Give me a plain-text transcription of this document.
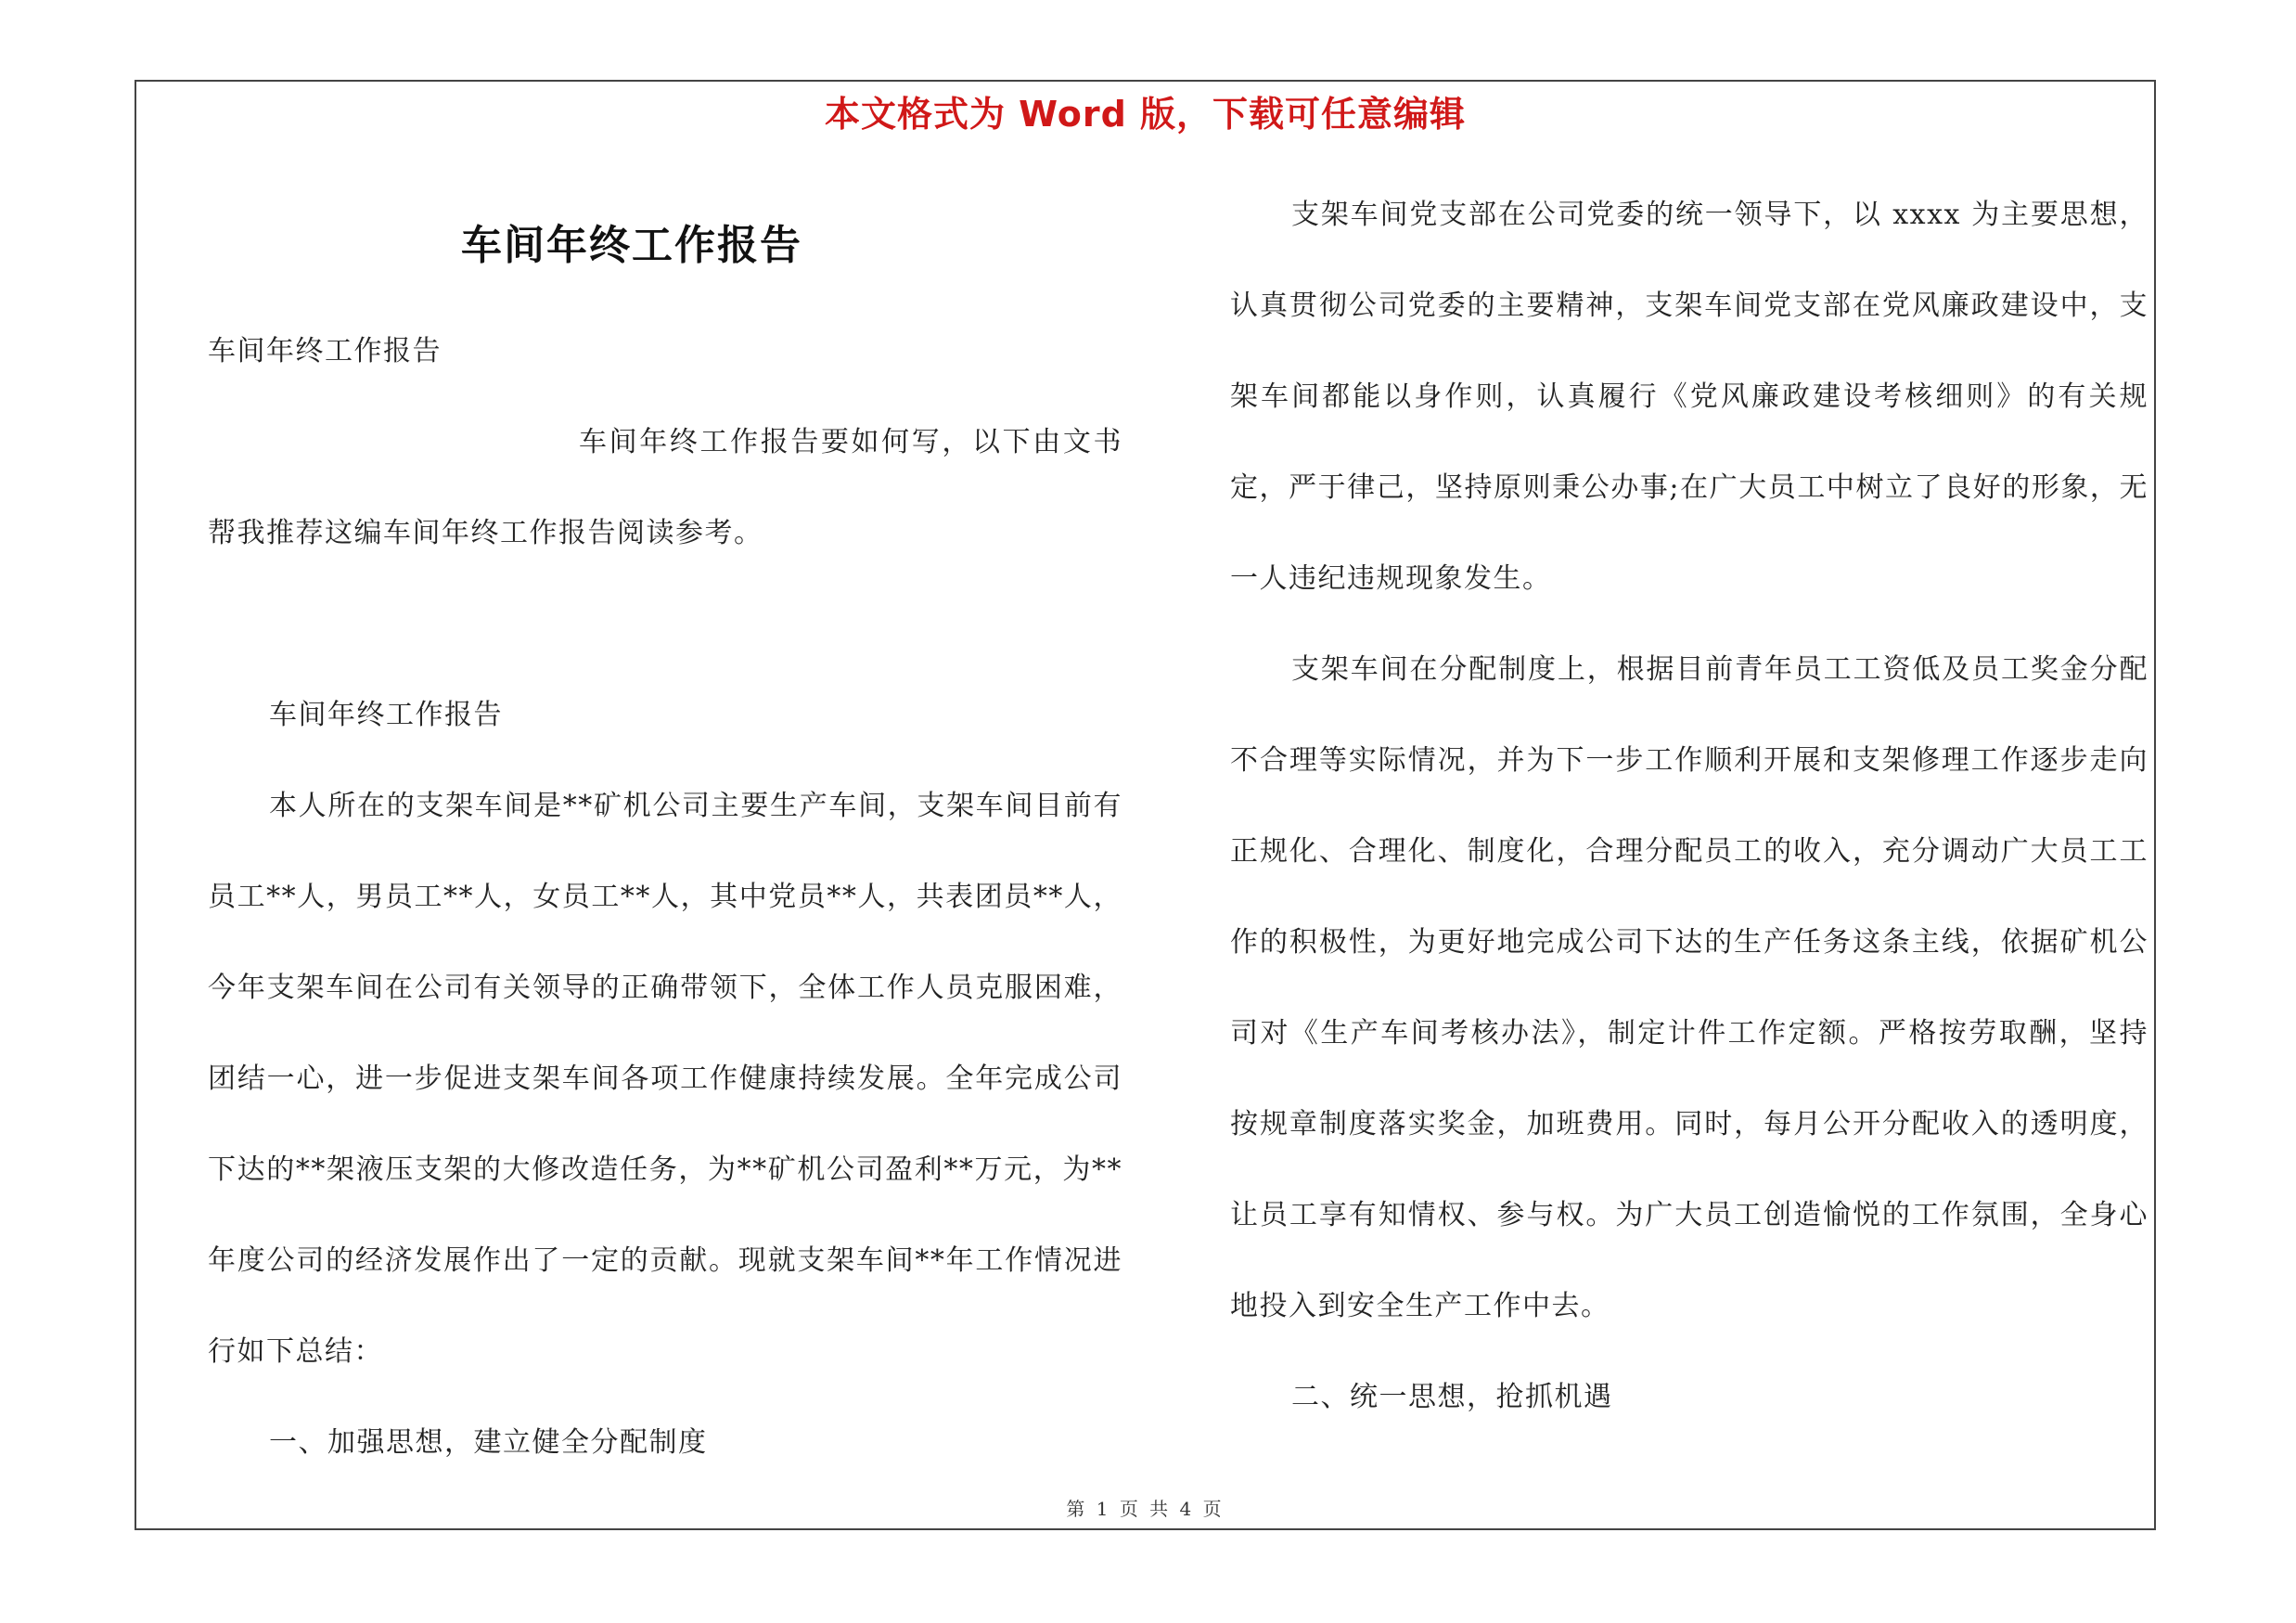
本文格式为 Word 版，下载可任意编辑
车间年终工作报告

车间年终工作报告

车间年终工作报告要如何写，以下由文书帮我推荐这编车间年终工作报告阅读参考。

车间年终工作报告

本人所在的支架车间是**矿机公司主要生产车间，支架车间目前有员工**人，男员工**人，女员工**人，其中党员**人，共表团员**人，今年支架车间在公司有关领导的正确带领下，全体工作人员克服困难，团结一心，进一步促进支架车间各项工作健康持续发展。全年完成公司下达的**架液压支架的大修改造任务，为**矿机公司盈利**万元，为**年度公司的经济发展作出了一定的贡献。现就支架车间**年工作情况进行如下总结：

一、加强思想，建立健全分配制度

支架车间党支部在公司党委的统一领导下，以 xxxx 为主要思想，认真贯彻公司党委的主要精神，支架车间党支部在党风廉政建设中，支架车间都能以身作则，认真履行《党风廉政建设考核细则》的有关规定，严于律己，坚持原则秉公办事;在广大员工中树立了良好的形象，无一人违纪违规现象发生。

支架车间在分配制度上，根据目前青年员工工资低及员工奖金分配不合理等实际情况，并为下一步工作顺利开展和支架修理工作逐步走向正规化、合理化、制度化，合理分配员工的收入，充分调动广大员工工作的积极性，为更好地完成公司下达的生产任务这条主线，依据矿机公司对《生产车间考核办法》，制定计件工作定额。严格按劳取酬，坚持按规章制度落实奖金，加班费用。同时，每月公开分配收入的透明度，让员工享有知情权、参与权。为广大员工创造愉悦的工作氛围，全身心地投入到安全生产工作中去。

二、统一思想，抢抓机遇

第 1 页 共 4 页
